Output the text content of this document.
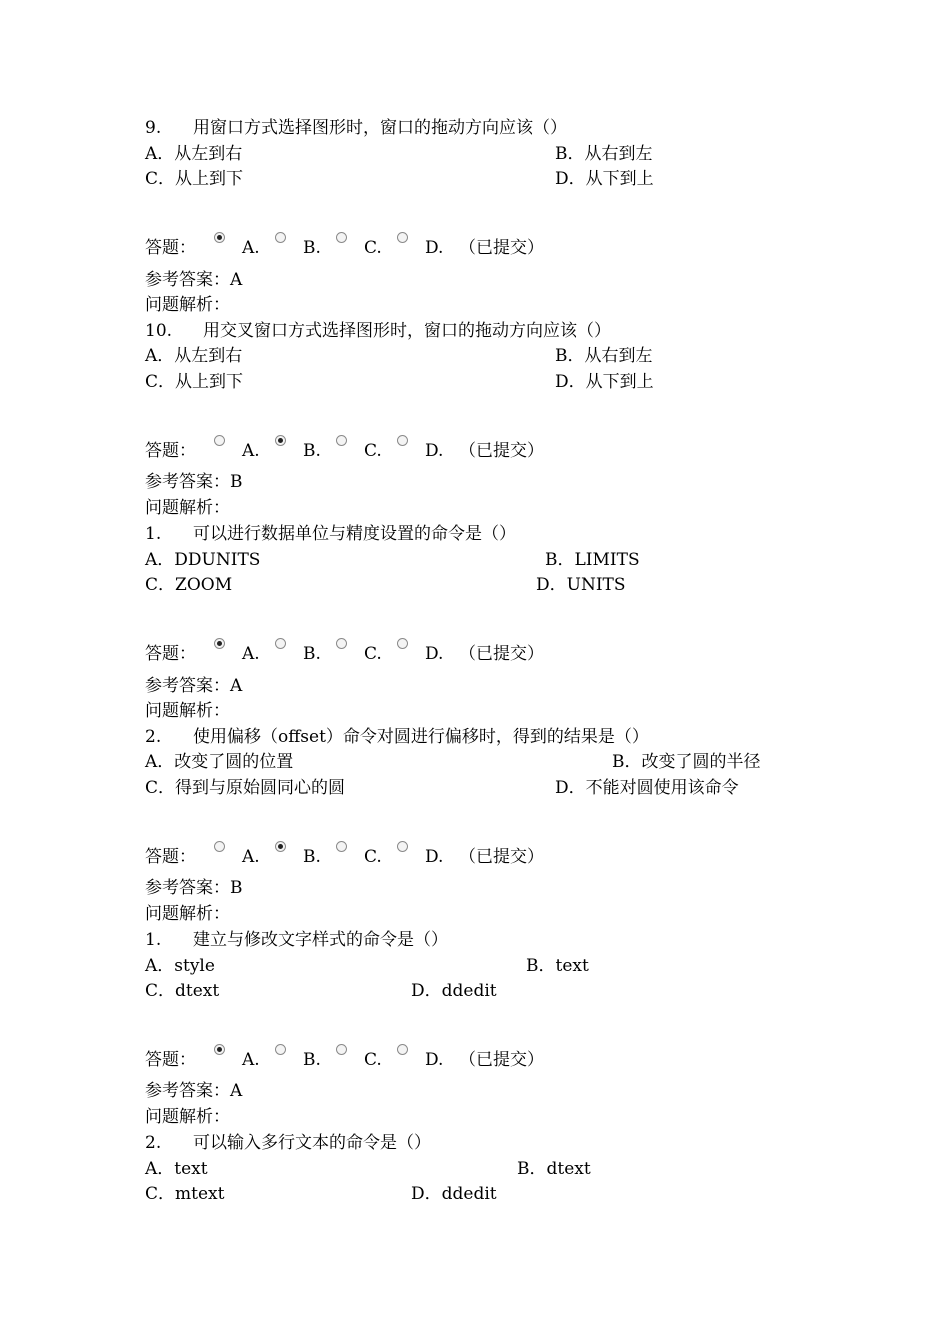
9. 用窗口方式选择图形时，窗口的拖动方向应该（）
A．从左到右	B．从右到左
C．从上到下	D．从下到上
答题：	A.	B.	C.	D. （已提交）
参考答案：A
问题解析：
10. 用交叉窗口方式选择图形时，窗口的拖动方向应该（）
A．从左到右	B．从右到左
C．从上到下	D．从下到上
答题：	A.	B.	C.	D. （已提交）
参考答案：B
问题解析：
1. 可以进行数据单位与精度设置的命令是（）
A．DDUNITS	B．LIMITS
C．ZOOM	D．UNITS
答题：	A.	B.	C.	D. （已提交）
参考答案：A
问题解析：
2. 使用偏移（offset）命令对圆进行偏移时，得到的结果是（）
A．改变了圆的位置	B．改变了圆的半径
C．得到与原始圆同心的圆	D．不能对圆使用该命令
答题：	A.	B.	C.	D. （已提交）
参考答案：B
问题解析：
1. 建立与修改文字样式的命令是（）
A．style	B．text
C．dtext	D．ddedit
答题：	A.	B.	C.	D. （已提交）
参考答案：A
问题解析：
2. 可以输入多行文本的命令是（）
A．text	B．dtext
C．mtext	D．ddedit
